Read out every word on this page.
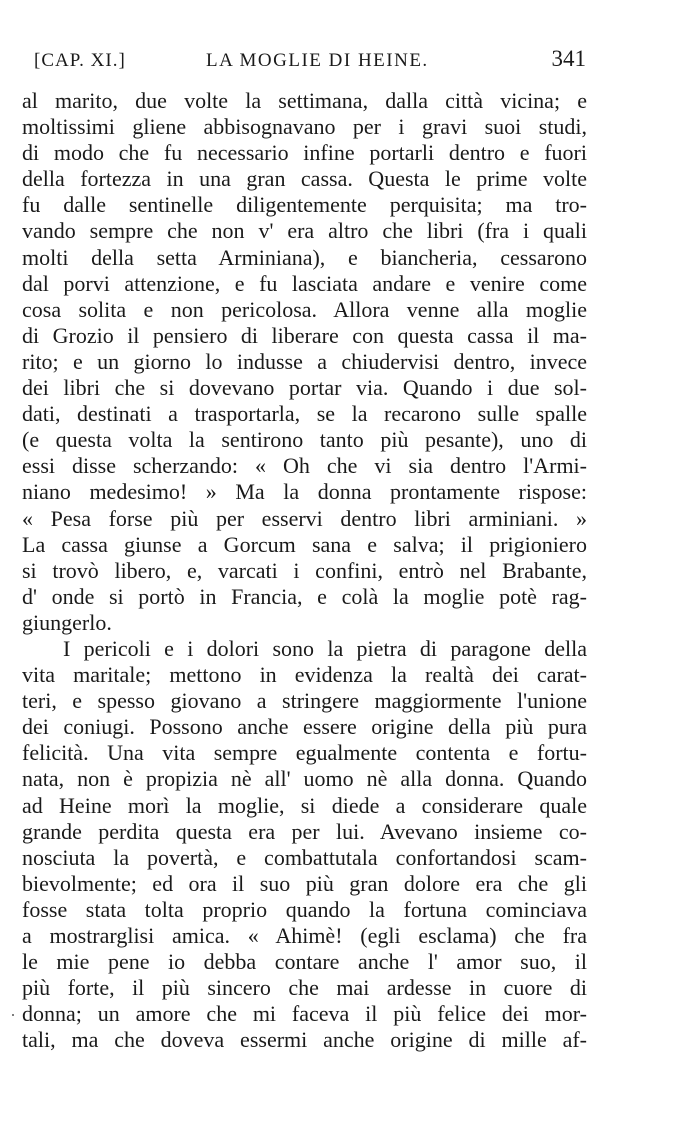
[CAP. XI.]	LA MOGLIE DI HEINE.	341
al marito, due volte la settimana, dalla città vicina; e
moltissimi gliene abbisognavano per i gravi suoi studi,
di modo che fu necessario infine portarli dentro e fuori
della fortezza in una gran cassa. Questa le prime volte
fu dalle sentinelle diligentemente perquisita; ma tro-
vando sempre che non v' era altro che libri (fra i quali
molti della setta Arminiana), e biancheria, cessarono
dal porvi attenzione, e fu lasciata andare e venire come
cosa solita e non pericolosa. Allora venne alla moglie
di Grozio il pensiero di liberare con questa cassa il ma-
rito; e un giorno lo indusse a chiudervisi dentro, invece
dei libri che si dovevano portar via. Quando i due sol-
dati, destinati a trasportarla, se la recarono sulle spalle
(e questa volta la sentirono tanto più pesante), uno di
essi disse scherzando: « Oh che vi sia dentro l'Armi-
niano medesimo! » Ma la donna prontamente rispose:
« Pesa forse più per esservi dentro libri arminiani. »
La cassa giunse a Gorcum sana e salva; il prigioniero
si trovò libero, e, varcati i confini, entrò nel Brabante,
d' onde si portò in Francia, e colà la moglie potè rag-
giungerlo.
I pericoli e i dolori sono la pietra di paragone della
vita maritale; mettono in evidenza la realtà dei carat-
teri, e spesso giovano a stringere maggiormente l'unione
dei coniugi. Possono anche essere origine della più pura
felicità. Una vita sempre egualmente contenta e fortu-
nata, non è propizia nè all' uomo nè alla donna. Quando
ad Heine morì la moglie, si diede a considerare quale
grande perdita questa era per lui. Avevano insieme co-
nosciuta la povertà, e combattutala confortandosi scam-
bievolmente; ed ora il suo più gran dolore era che gli
fosse stata tolta proprio quando la fortuna cominciava
a mostrarglisi amica. « Ahimè! (egli esclama) che fra
le mie pene io debba contare anche l' amor suo, il
più forte, il più sincero che mai ardesse in cuore di
donna; un amore che mi faceva il più felice dei mor-
tali, ma che doveva essermi anche origine di mille af-
